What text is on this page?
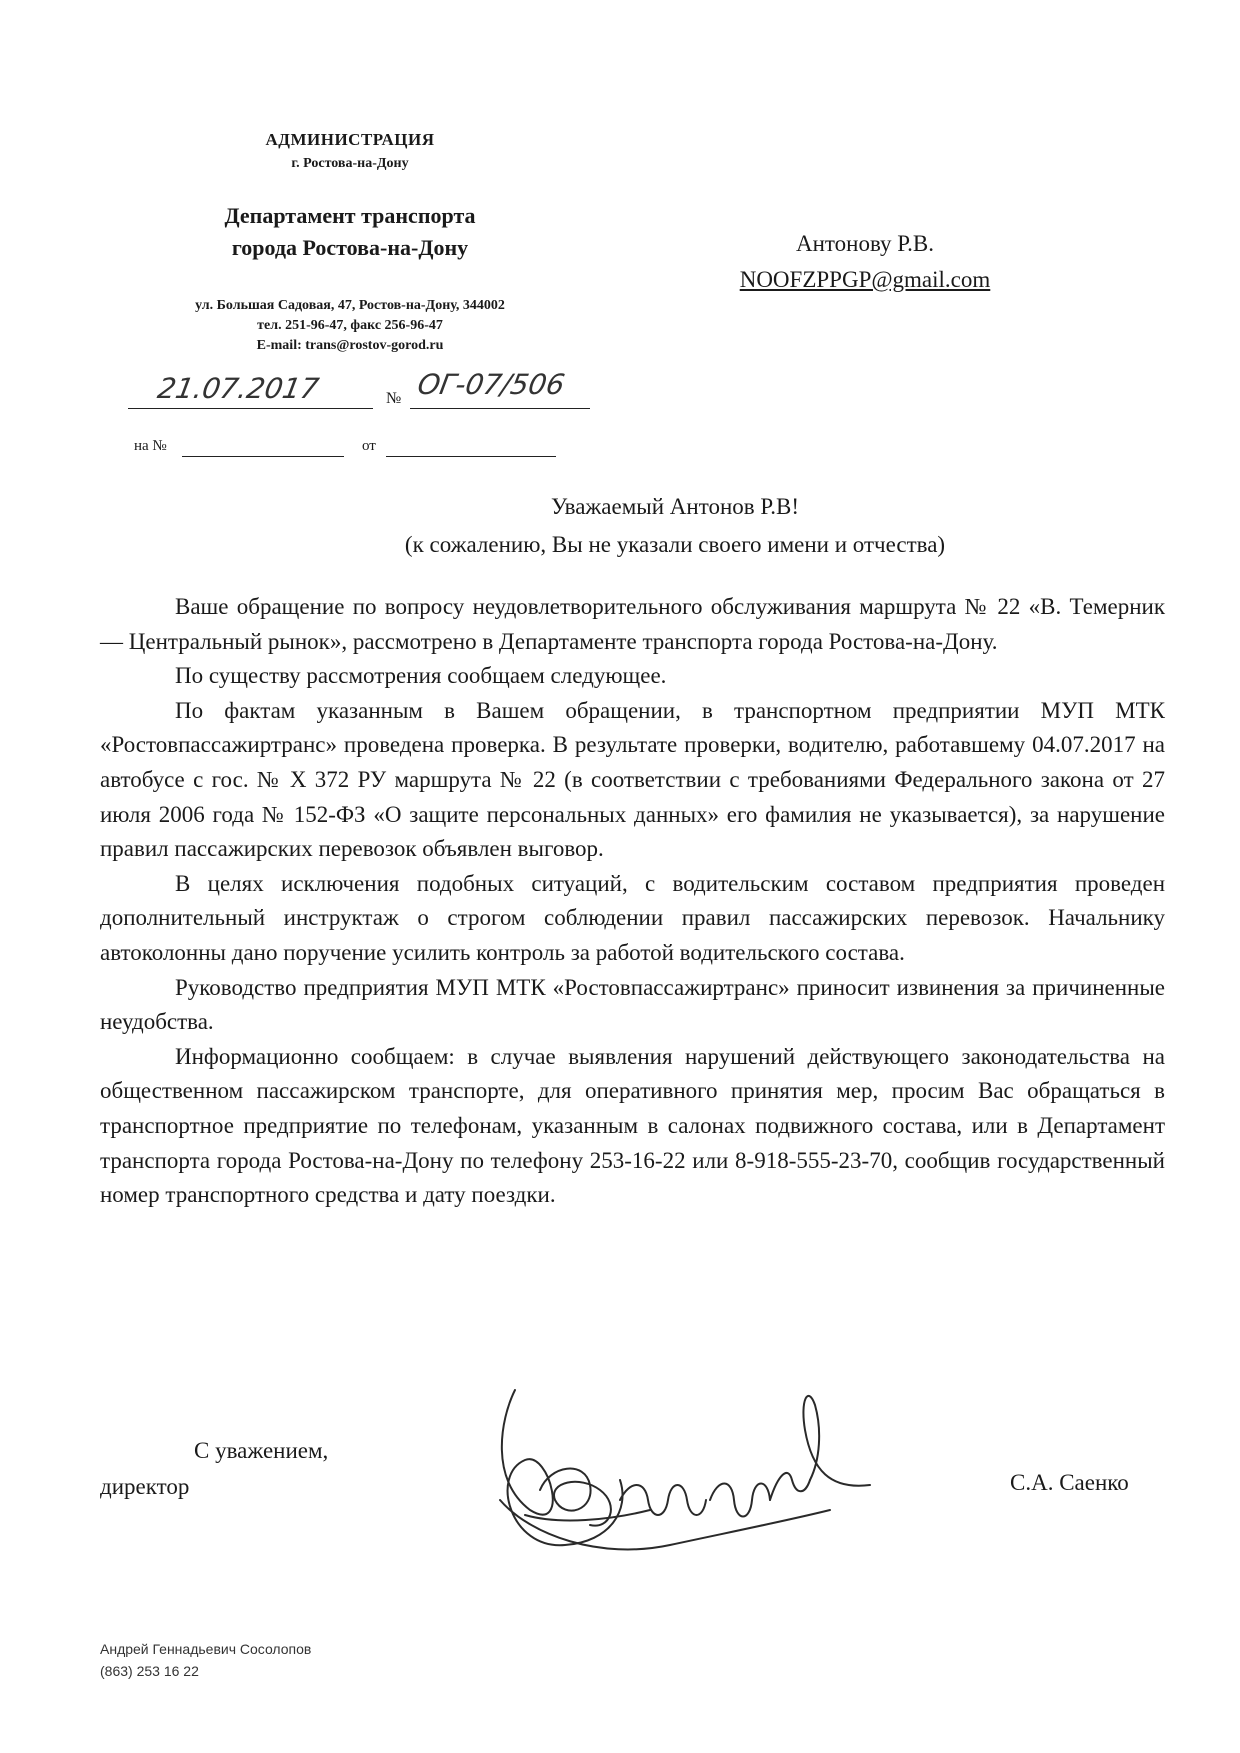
АДМИНИСТРАЦИЯ
г. Ростова-на-Дону
Департамент транспорта
города Ростова-на-Дону
ул. Большая Садовая, 47, Ростов-на-Дону, 344002
тел. 251-96-47, факс 256-96-47
E-mail: trans@rostov-gorod.ru
Антонову Р.В.
NOOFZPPGP@gmail.com
21.07.2017	№ ОГ-07/506
на №	от
Уважаемый Антонов Р.В!
(к сожалению, Вы не указали своего имени и отчества)

Ваше обращение по вопросу неудовлетворительного обслуживания маршрута № 22 «В. Темерник — Центральный рынок», рассмотрено в Департаменте транспорта города Ростова-на-Дону.

По существу рассмотрения сообщаем следующее.

По фактам указанным в Вашем обращении, в транспортном предприятии МУП МТК «Ростовпассажиртранс» проведена проверка. В результате проверки, водителю, работавшему 04.07.2017 на автобусе с гос. № Х 372 РУ маршрута № 22 (в соответствии с требованиями Федерального закона от 27 июля 2006 года № 152-ФЗ «О защите персональных данных» его фамилия не указывается), за нарушение правил пассажирских перевозок объявлен выговор.

В целях исключения подобных ситуаций, с водительским составом предприятия проведен дополнительный инструктаж о строгом соблюдении правил пассажирских перевозок. Начальнику автоколонны дано поручение усилить контроль за работой водительского состава.

Руководство предприятия МУП МТК «Ростовпассажиртранс» приносит извинения за причиненные неудобства.

Информационно сообщаем: в случае выявления нарушений действующего законодательства на общественном пассажирском транспорте, для оперативного принятия мер, просим Вас обращаться в транспортное предприятие по телефонам, указанным в салонах подвижного состава, или в Департамент транспорта города Ростова-на-Дону по телефону 253-16-22 или 8-918-555-23-70, сообщив государственный номер транспортного средства и дату поездки.

С уважением,
директор	С.А. Саенко
Андрей Геннадьевич Сосолопов
(863) 253 16 22
